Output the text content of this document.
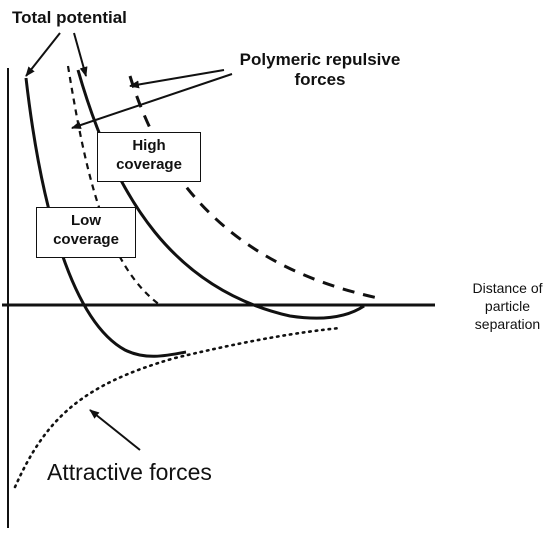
Total potential
Polymeric repulsive
forces
High
coverage
Low
coverage
Distance of
particle
separation
Attractive forces
